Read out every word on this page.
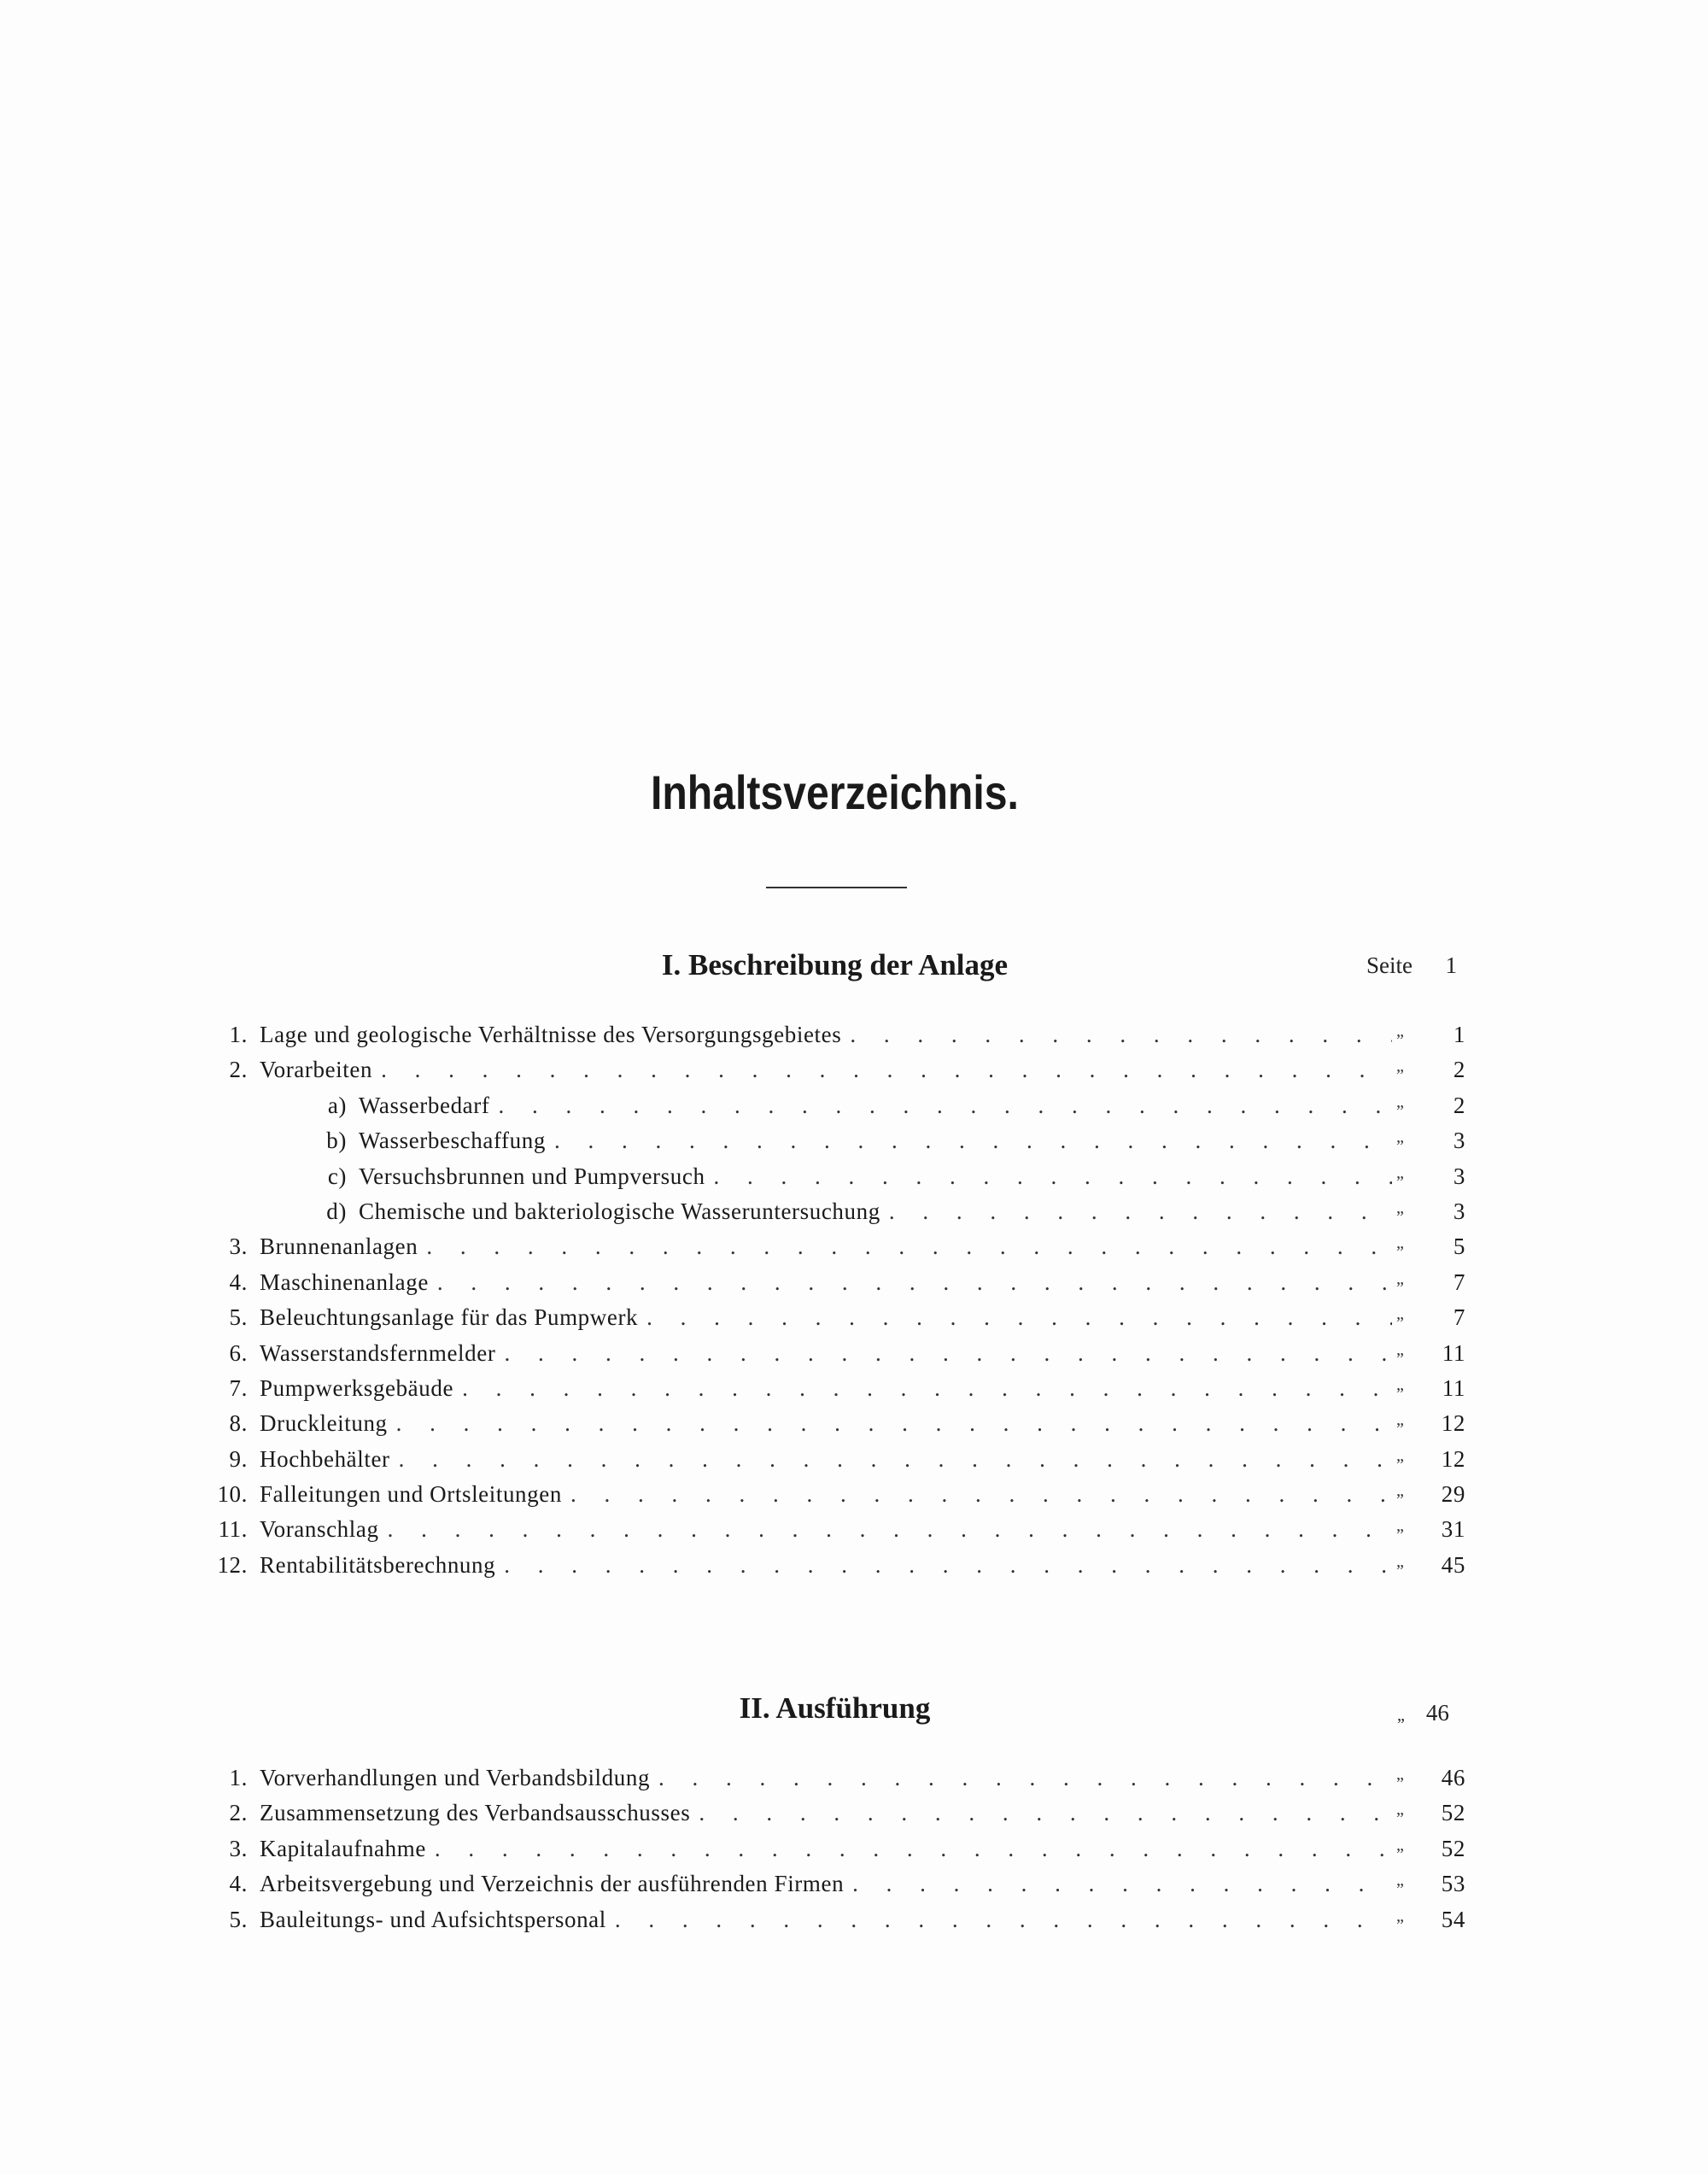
Inhaltsverzeichnis.
I. Beschreibung der Anlage	Seite 1
1. Lage und geologische Verhältnisse des Versorgungsgebietes . . .	„	1
2. Vorarbeiten . . .	„	2
a) Wasserbedarf . . .	„	2
b) Wasserbeschaffung . . .	„	3
c) Versuchsbrunnen und Pumpversuch . . .	„	3
d) Chemische und bakteriologische Wasseruntersuchung . . .	„	3
3. Brunnenanlagen . . .	„	5
4. Maschinenanlage . . .	„	7
5. Beleuchtungsanlage für das Pumpwerk . . .	„	7
6. Wasserstandsfernmelder . . .	„	11
7. Pumpwerksgebäude . . .	„	11
8. Druckleitung . . .	„	12
9. Hochbehälter . . .	„	12
10. Falleitungen und Ortsleitungen . . .	„	29
11. Voranschlag . . .	„	31
12. Rentabilitätsberechnung . . .	„	45
II. Ausführung	„ 46
1. Vorverhandlungen und Verbandsbildung . . .	„	46
2. Zusammensetzung des Verbandsausschusses . . .	„	52
3. Kapitalaufnahme . . .	„	52
4. Arbeitsvergebung und Verzeichnis der ausführenden Firmen . . .	„	53
5. Bauleitungs- und Aufsichtspersonal . . .	„	54
